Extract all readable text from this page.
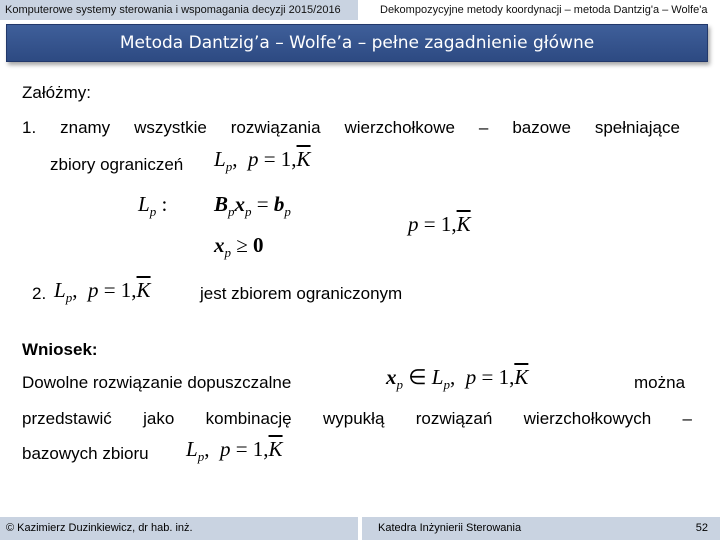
Komputerowe systemy sterowania i wspomagania decyzji 2015/2016	Dekompozycyjne metody koordynacji – metoda Dantzig'a – Wolfe'a
Metoda Dantzig’a – Wolfe’a – pełne zagadnienie główne
Załóżmy:
1. znamy wszystkie rozwiązania wierzchołkowe – bazowe spełniające
zbiory ograniczeń $L_p$,  $p = 1,\overline{K}$
$L_p$ : $B_px_p = b_p$
$x_p \ge 0$
$p = 1,\overline{K}$
2. $L_p$,  $p = 1,\overline{K}$	jest zbiorem ograniczonym
Wniosek:
Dowolne rozwiązanie dopuszczalne	$x_p$ ∈ $L_p$,  $p = 1,\overline{K}$	można
przedstawić jako kombinację wypukłą rozwiązań wierzchołkowych –
bazowych zbioru $L_p$,  $p = 1,\overline{K}$
© Kazimierz Duzinkiewicz, dr hab. inż.	Katedra Inżynierii Sterowania	52
